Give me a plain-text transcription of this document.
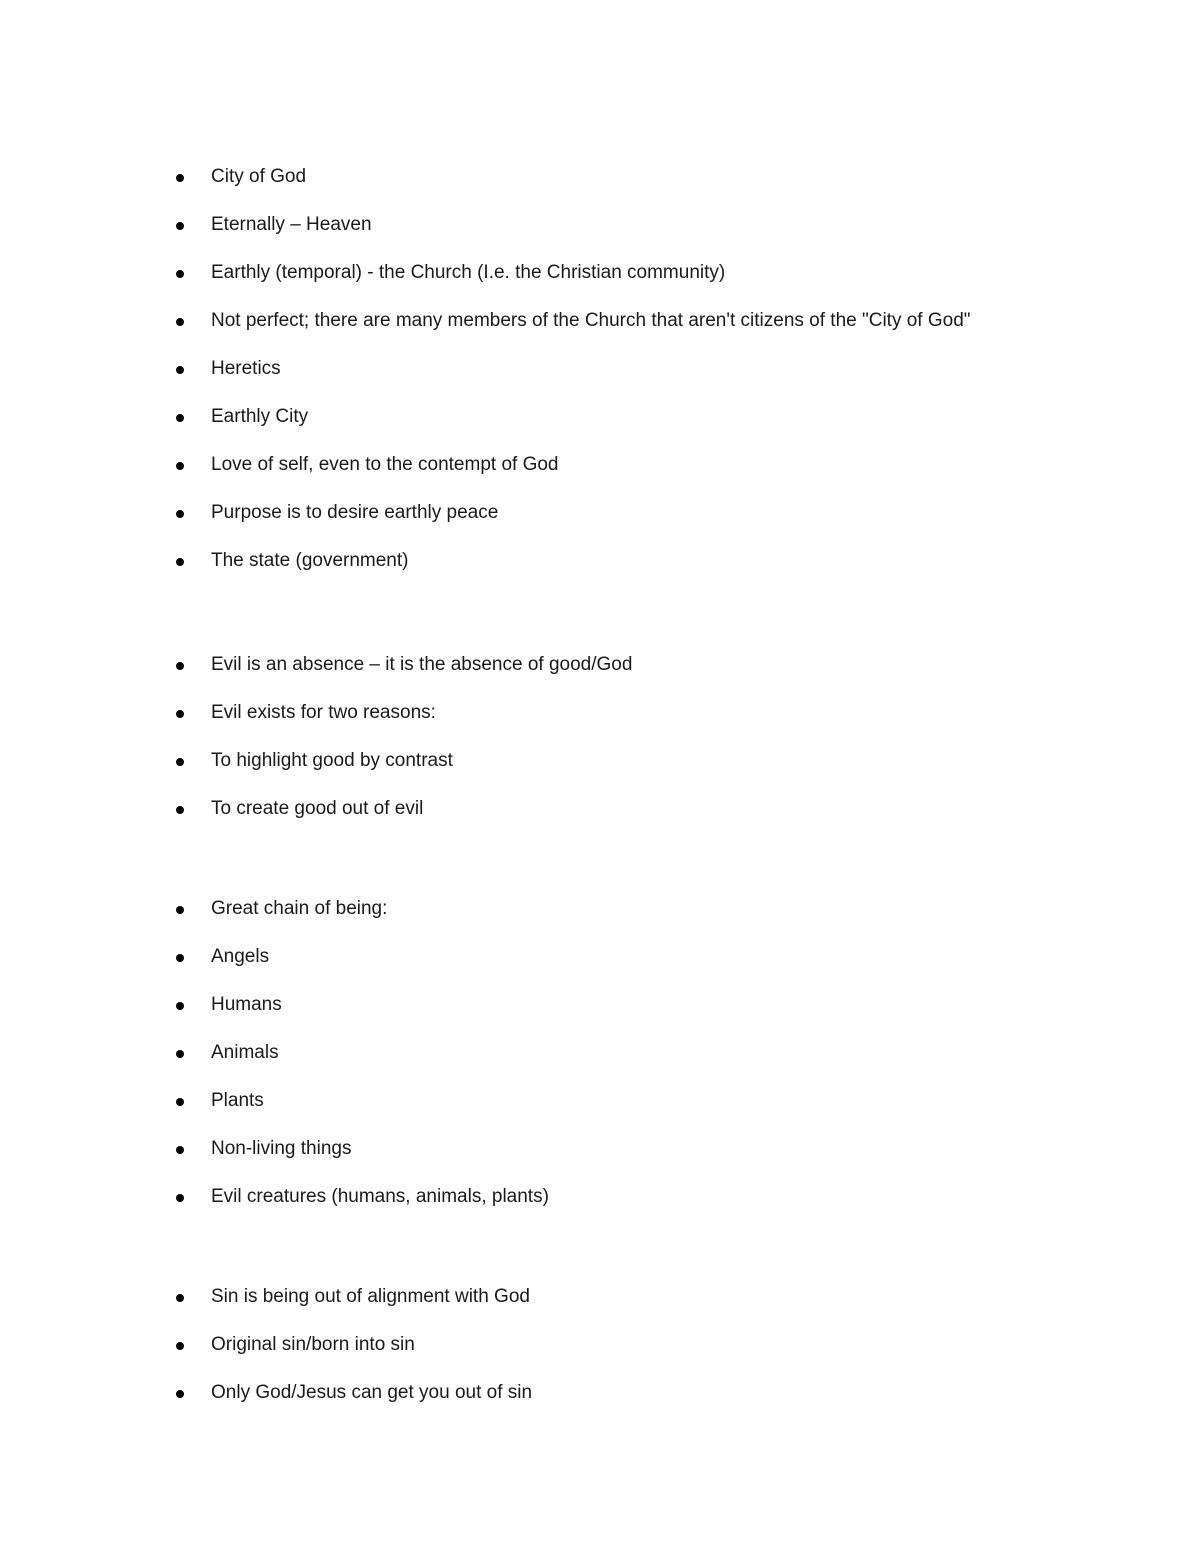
City of God
Eternally – Heaven
Earthly (temporal) - the Church (I.e. the Christian community)
Not perfect; there are many members of the Church that aren't citizens of the "City of God"
Heretics
Earthly City
Love of self, even to the contempt of God
Purpose is to desire earthly peace
The state (government)
Evil is an absence – it is the absence of good/God
Evil exists for two reasons:
To highlight good by contrast
To create good out of evil
Great chain of being:
Angels
Humans
Animals
Plants
Non-living things
Evil creatures (humans, animals, plants)
Sin is being out of alignment with God
Original sin/born into sin
Only God/Jesus can get you out of sin
